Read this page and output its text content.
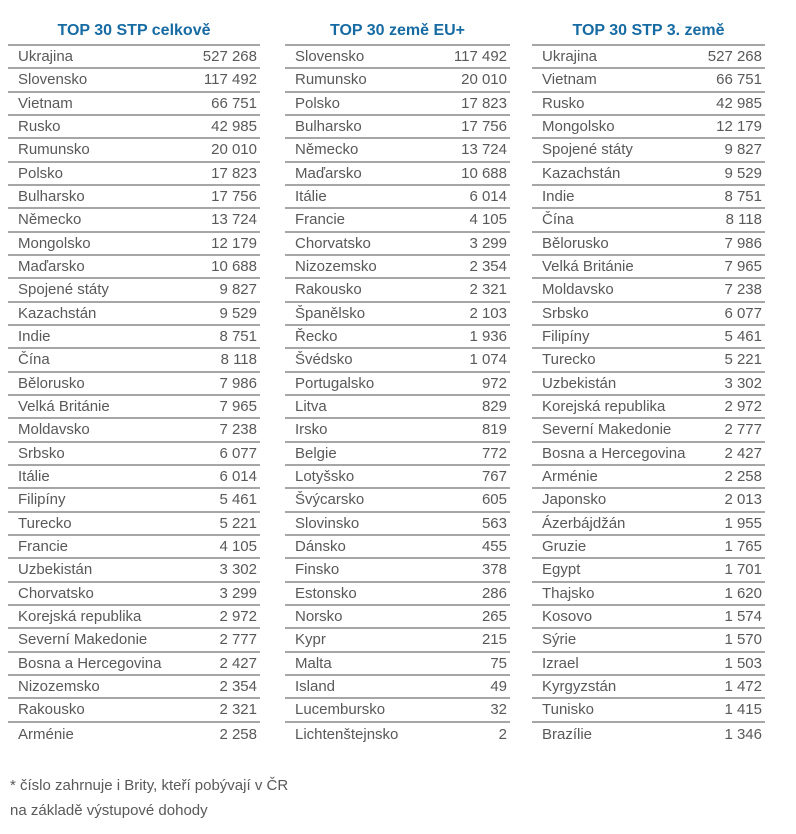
TOP 30 STP celkově
Ukrajina	527 268
Slovensko	117 492
Vietnam	66 751
Rusko	42 985
Rumunsko	20 010
Polsko	17 823
Bulharsko	17 756
Německo	13 724
Mongolsko	12 179
Maďarsko	10 688
Spojené státy	9 827
Kazachstán	9 529
Indie	8 751
Čína	8 118
Bělorusko	7 986
Velká Británie	7 965
Moldavsko	7 238
Srbsko	6 077
Itálie	6 014
Filipíny	5 461
Turecko	5 221
Francie	4 105
Uzbekistán	3 302
Chorvatsko	3 299
Korejská republika	2 972
Severní Makedonie	2 777
Bosna a Hercegovina	2 427
Nizozemsko	2 354
Rakousko	2 321
Arménie	2 258
TOP 30 země EU+
Slovensko	117 492
Rumunsko	20 010
Polsko	17 823
Bulharsko	17 756
Německo	13 724
Maďarsko	10 688
Itálie	6 014
Francie	4 105
Chorvatsko	3 299
Nizozemsko	2 354
Rakousko	2 321
Španělsko	2 103
Řecko	1 936
Švédsko	1 074
Portugalsko	972
Litva	829
Irsko	819
Belgie	772
Lotyšsko	767
Švýcarsko	605
Slovinsko	563
Dánsko	455
Finsko	378
Estonsko	286
Norsko	265
Kypr	215
Malta	75
Island	49
Lucembursko	32
Lichtenštejnsko	2
TOP 30 STP 3. země
Ukrajina	527 268
Vietnam	66 751
Rusko	42 985
Mongolsko	12 179
Spojené státy	9 827
Kazachstán	9 529
Indie	8 751
Čína	8 118
Bělorusko	7 986
Velká Británie	7 965
Moldavsko	7 238
Srbsko	6 077
Filipíny	5 461
Turecko	5 221
Uzbekistán	3 302
Korejská republika	2 972
Severní Makedonie	2 777
Bosna a Hercegovina	2 427
Arménie	2 258
Japonsko	2 013
Ázerbájdžán	1 955
Gruzie	1 765
Egypt	1 701
Thajsko	1 620
Kosovo	1 574
Sýrie	1 570
Izrael	1 503
Kyrgyzstán	1 472
Tunisko	1 415
Brazílie	1 346
* číslo zahrnuje i Brity, kteří pobývají v ČR
na základě výstupové dohody
